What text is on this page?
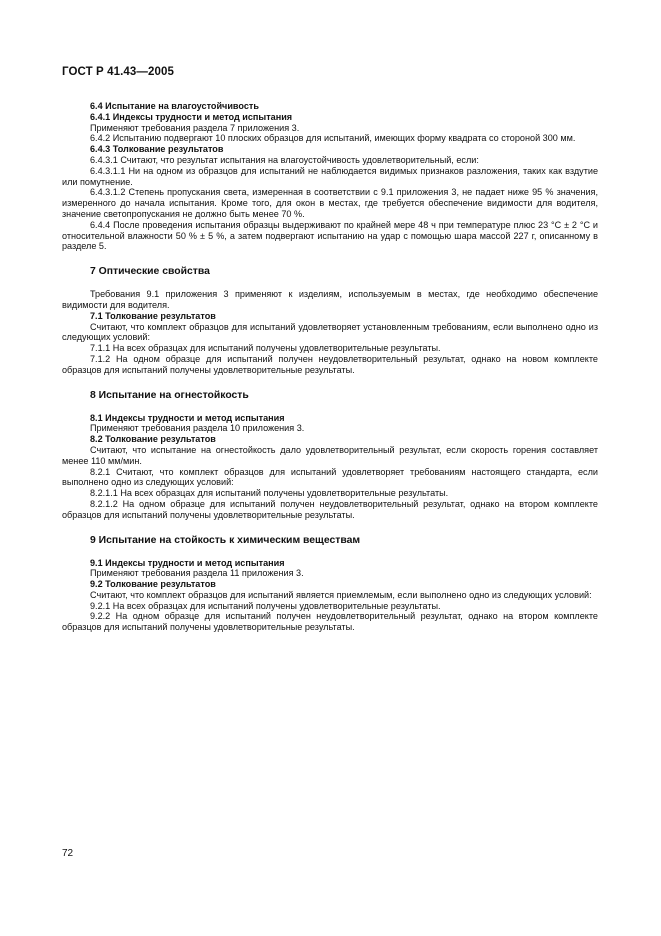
ГОСТ Р 41.43—2005

6.4 Испытание на влагоустойчивость

6.4.1 Индексы трудности и метод испытания

Применяют требования раздела 7 приложения 3.

6.4.2 Испытанию подвергают 10 плоских образцов для испытаний, имеющих форму квадрата со стороной 300 мм.

6.4.3 Толкование результатов

6.4.3.1 Считают, что результат испытания на влагоустойчивость удовлетворительный, если:

6.4.3.1.1 Ни на одном из образцов для испытаний не наблюдается видимых признаков разложения, таких как вздутие или помутнение.

6.4.3.1.2 Степень пропускания света, измеренная в соответствии с 9.1 приложения 3, не падает ниже 95 % значения, измеренного до начала испытания. Кроме того, для окон в местах, где требуется обеспечение видимости для водителя, значение светопропускания не должно быть менее 70 %.

6.4.4 После проведения испытания образцы выдерживают по крайней мере 48 ч при температуре плюс 23 °С ± 2 °С и относительной влажности 50 % ± 5 %, а затем подвергают испытанию на удар с помощью шара массой 227 г, описанному в разделе 5.

7 Оптические свойства

Требования 9.1 приложения 3 применяют к изделиям, используемым в местах, где необходимо обеспечение видимости для водителя.

7.1 Толкование результатов

Считают, что комплект образцов для испытаний удовлетворяет установленным требованиям, если выполнено одно из следующих условий:

7.1.1 На всех образцах для испытаний получены удовлетворительные результаты.

7.1.2 На одном образце для испытаний получен неудовлетворительный результат, однако на новом комплекте образцов для испытаний получены удовлетворительные результаты.

8 Испытание на огнестойкость

8.1 Индексы трудности и метод испытания

Применяют требования раздела 10 приложения 3.

8.2 Толкование результатов

Считают, что испытание на огнестойкость дало удовлетворительный результат, если скорость горения составляет менее 110 мм/мин.

8.2.1 Считают, что комплект образцов для испытаний удовлетворяет требованиям настоящего стандарта, если выполнено одно из следующих условий:

8.2.1.1 На всех образцах для испытаний получены удовлетворительные результаты.

8.2.1.2 На одном образце для испытаний получен неудовлетворительный результат, однако на втором комплекте образцов для испытаний получены удовлетворительные результаты.

9 Испытание на стойкость к химическим веществам

9.1 Индексы трудности и метод испытания

Применяют требования раздела 11 приложения 3.

9.2 Толкование результатов

Считают, что комплект образцов для испытаний является приемлемым, если выполнено одно из следующих условий:

9.2.1 На всех образцах для испытаний получены удовлетворительные результаты.

9.2.2 На одном образце для испытаний получен неудовлетворительный результат, однако на втором комплекте образцов для испытаний получены удовлетворительные результаты.

72
